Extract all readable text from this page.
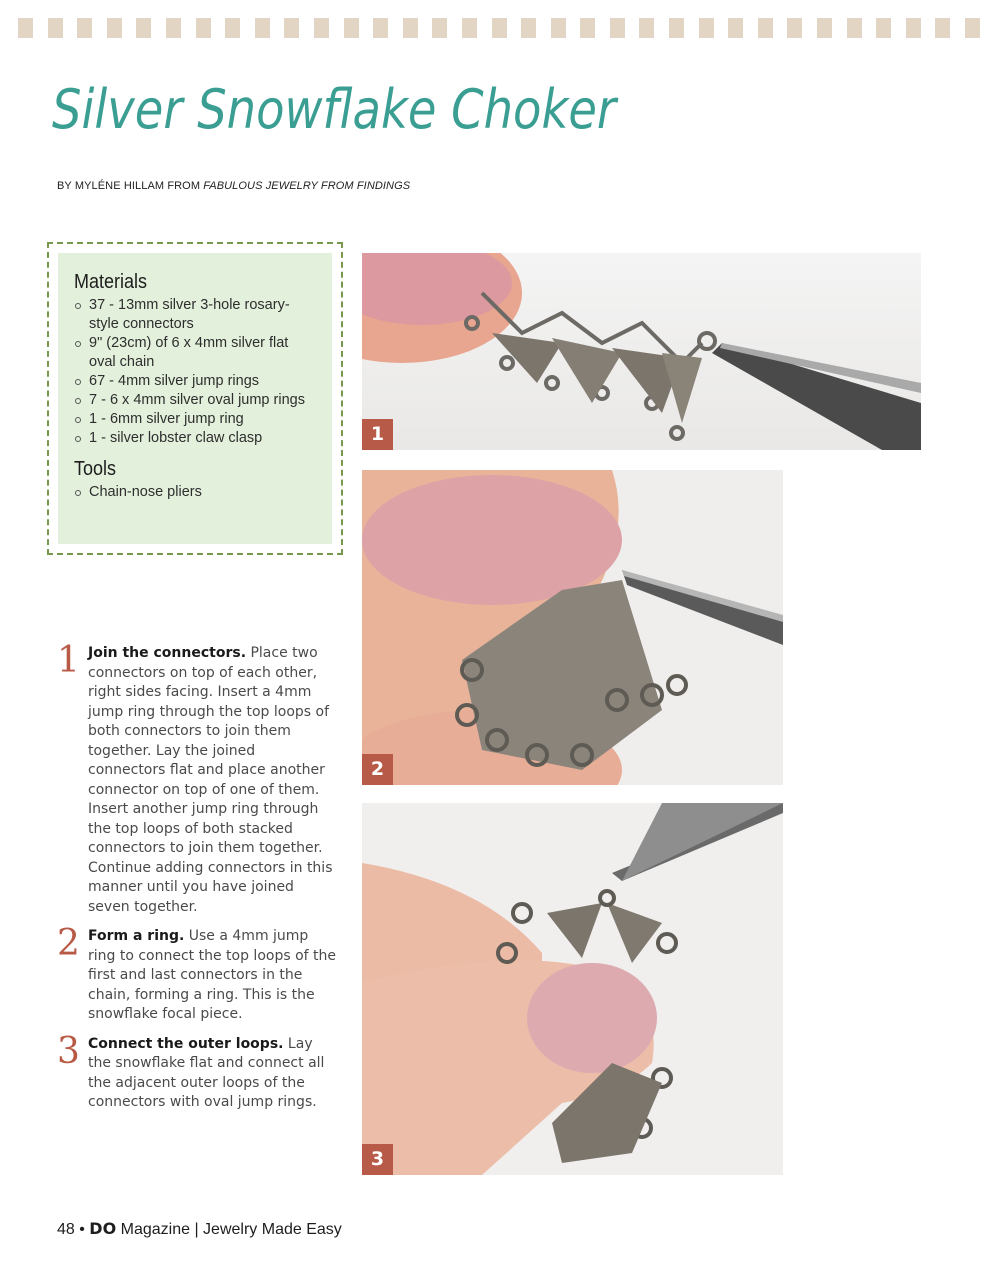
Silver Snowflake Choker
BY MYLÉNE HILLAM FROM FABULOUS JEWELRY FROM FINDINGS
Materials
37 - 13mm silver 3-hole rosary-style connectors
9" (23cm) of 6 x 4mm silver flat oval chain
67 - 4mm silver jump rings
7 - 6 x 4mm silver oval jump rings
1 - 6mm silver jump ring
1 - silver lobster claw clasp
Tools
Chain-nose pliers
1 Join the connectors. Place two connectors on top of each other, right sides facing. Insert a 4mm jump ring through the top loops of both connectors to join them together. Lay the joined connectors flat and place another connector on top of one of them. Insert another jump ring through the top loops of both stacked connectors to join them together. Continue adding connectors in this manner until you have joined seven together.
2 Form a ring. Use a 4mm jump ring to connect the top loops of the first and last connectors in the chain, forming a ring. This is the snowflake focal piece.
3 Connect the outer loops. Lay the snowflake flat and connect all the adjacent outer loops of the connectors with oval jump rings.
1
2
3
48 • DO Magazine | Jewelry Made Easy
